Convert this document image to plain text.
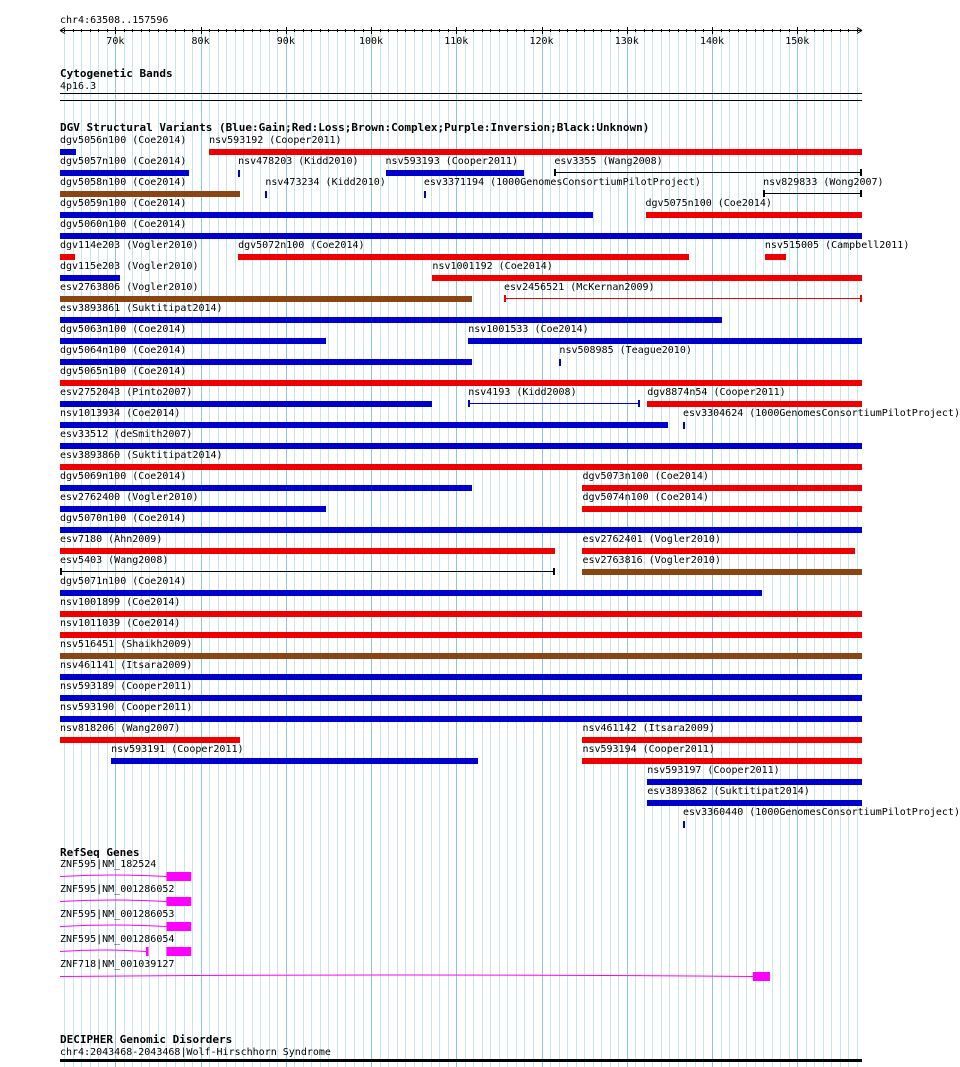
70k	80k	90k	100k	110k	120k	130k	140k	150k
chr4:63508..157596
Cytogenetic Bands
4p16.3
DGV Structural Variants (Blue:Gain;Red:Loss;Brown:Complex;Purple:Inversion;Black:Unknown)
dgv5056n100 (Coe2014) nsv593192 (Cooper2011)
dgv5057n100 (Coe2014)	nsv478203 (Kidd2010)	nsv593193 (Cooper2011)	esv3355 (Wang2008)
dgv5058n100 (Coe2014)	nsv473234 (Kidd2010)	esv3371194 (1000GenomesConsortiumPilotProject)	nsv829833 (Wong2007)
dgv5059n100 (Coe2014)	dgv5075n100 (Coe2014)
dgv5060n100 (Coe2014)
dgv114e203 (Vogler2010)	dgv5072n100 (Coe2014)	nsv515005 (Campbell2011)
dgv115e203 (Vogler2010)	nsv1001192 (Coe2014)
esv2763806 (Vogler2010)	esv2456521 (McKernan2009)
esv3893861 (Suktitipat2014)
dgv5063n100 (Coe2014)	nsv1001533 (Coe2014)
dgv5064n100 (Coe2014)	nsv508985 (Teague2010)
dgv5065n100 (Coe2014)
esv2752043 (Pinto2007)	nsv4193 (Kidd2008)	dgv8874n54 (Cooper2011)
nsv1013934 (Coe2014)	esv3304624 (1000GenomesConsortiumPilotProject)
esv33512 (deSmith2007)
esv3893860 (Suktitipat2014)
dgv5069n100 (Coe2014)	dgv5073n100 (Coe2014)
esv2762400 (Vogler2010)	dgv5074n100 (Coe2014)
dgv5070n100 (Coe2014)
esv7180 (Ahn2009)	esv2762401 (Vogler2010)
esv5403 (Wang2008)	esv2763816 (Vogler2010)
dgv5071n100 (Coe2014)
nsv1001899 (Coe2014)
nsv1011039 (Coe2014)
nsv516451 (Shaikh2009)
nsv461141 (Itsara2009)
nsv593189 (Cooper2011)
nsv593190 (Cooper2011)
nsv818206 (Wang2007)	nsv461142 (Itsara2009)
nsv593191 (Cooper2011)	nsv593194 (Cooper2011)
nsv593197 (Cooper2011)
esv3893862 (Suktitipat2014)
esv3360440 (1000GenomesConsortiumPilotProject)
RefSeq Genes
ZNF595|NM_182524
ZNF595|NM_001286052
ZNF595|NM_001286053
ZNF595|NM_001286054
ZNF718|NM_001039127
DECIPHER Genomic Disorders
chr4:2043468-2043468|Wolf-Hirschhorn Syndrome
